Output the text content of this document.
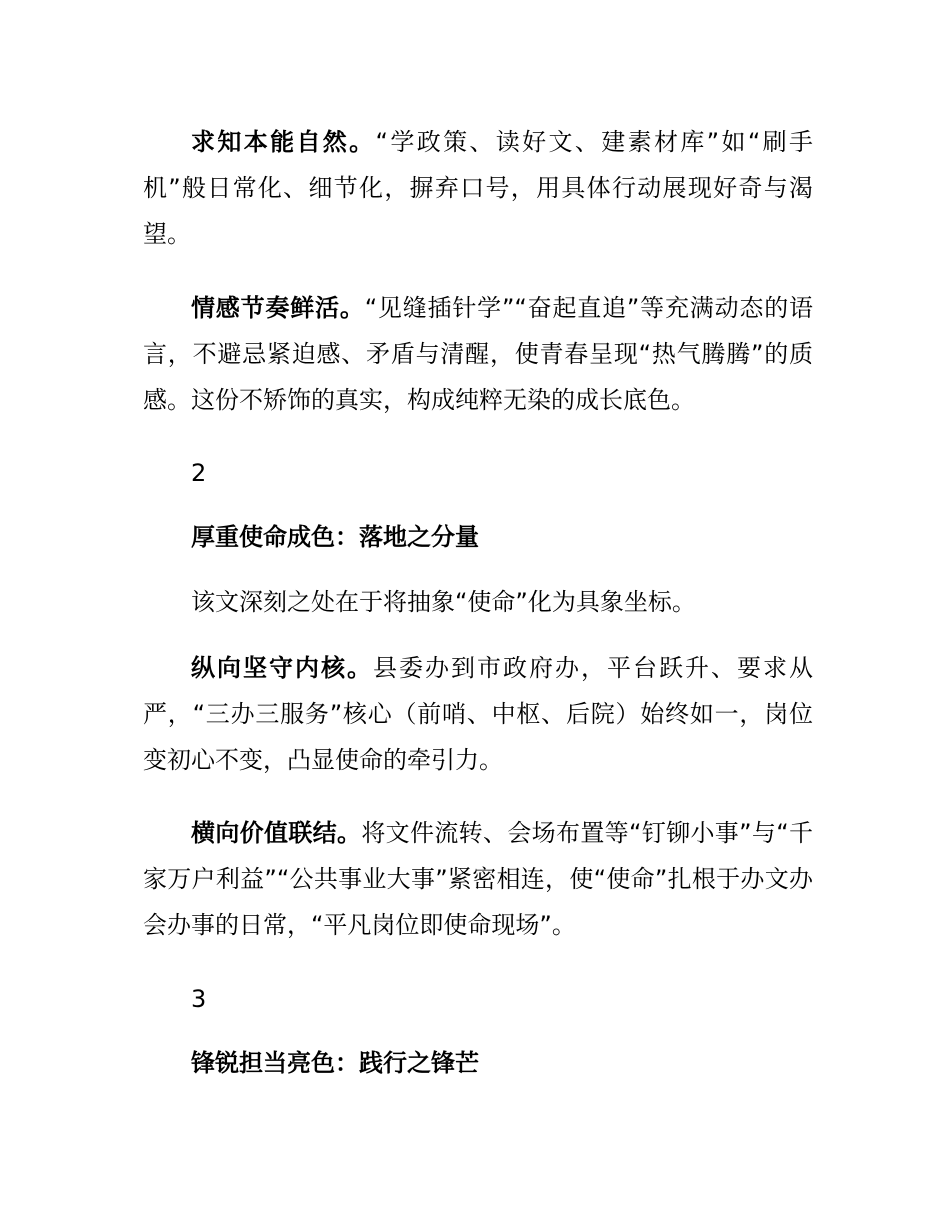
求知本能自然。“学政策、读好文、建素材库”如“刷手机”般日常化、细节化，摒弃口号，用具体行动展现好奇与渴望。

情感节奏鲜活。“见缝插针学”“奋起直追”等充满动态的语言，不避忌紧迫感、矛盾与清醒，使青春呈现“热气腾腾”的质感。这份不矫饰的真实，构成纯粹无染的成长底色。

2

厚重使命成色：落地之分量

该文深刻之处在于将抽象“使命”化为具象坐标。

纵向坚守内核。县委办到市政府办，平台跃升、要求从严，“三办三服务”核心（前哨、中枢、后院）始终如一，岗位变初心不变，凸显使命的牵引力。

横向价值联结。将文件流转、会场布置等“钉铆小事”与“千家万户利益”“公共事业大事”紧密相连，使“使命”扎根于办文办会办事的日常，“平凡岗位即使命现场”。

3

锋锐担当亮色：践行之锋芒
